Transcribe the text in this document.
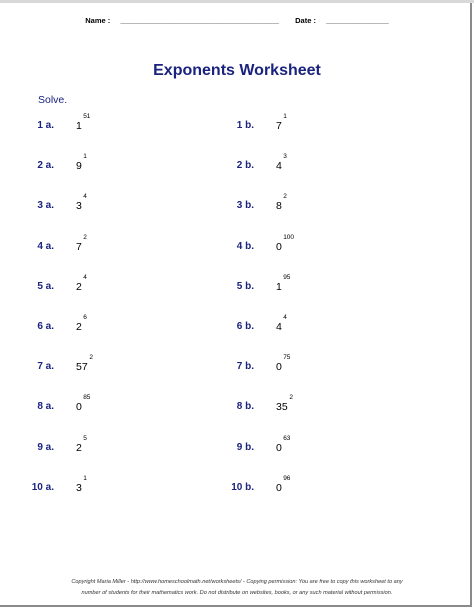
Name : ______________________________________ Date : _______________
Exponents Worksheet
Solve.
1 a. 1
51
1 b. 7
1
2 a. 9
1
2 b. 4
3
3 a. 3
4
3 b. 8
2
4 a. 7
2
4 b. 0
100
5 a. 2
4
5 b. 1
95
6 a. 2
6
6 b. 4
4
7 a. 57
2
7 b. 0
75
8 a. 0
85
8 b. 35
2
9 a. 2
5
9 b. 0
63
10 a. 3
1
10 b. 0
96
Copyright Maria Miller - http://www.homeschoolmath.net/worksheets/ - Copying permission: You are free to copy this worksheet to any
number of students for their mathematics work. Do not distribute on websites, books, or any such material without permission.
